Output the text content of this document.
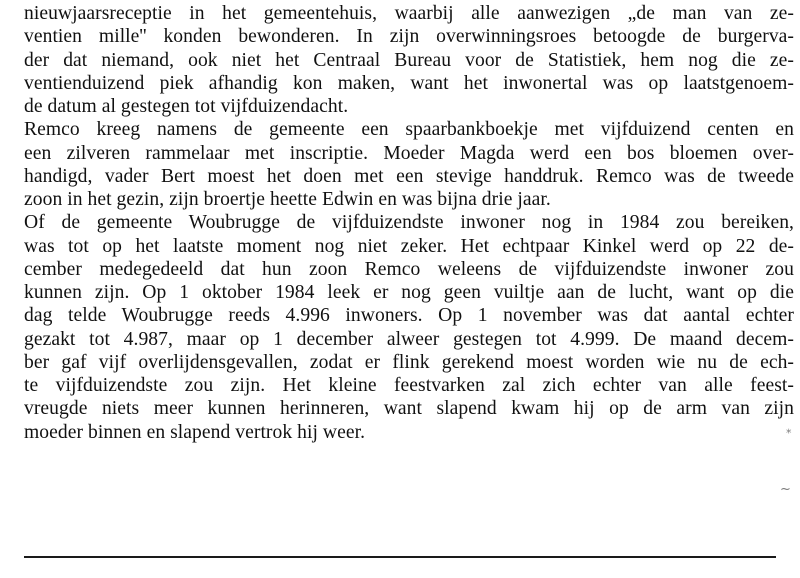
nieuwjaarsreceptie in het gemeentehuis, waarbij alle aanwezigen „de man van ze-
ventien mille'' konden bewonderen. In zijn overwinningsroes betoogde de burgerva-
der dat niemand, ook niet het Centraal Bureau voor de Statistiek, hem nog die ze-
ventienduizend piek afhandig kon maken, want het inwonertal was op laatstgenoem-
de datum al gestegen tot vijfduizendacht.
Remco kreeg namens de gemeente een spaarbankboekje met vijfduizend centen en
een zilveren rammelaar met inscriptie. Moeder Magda werd een bos bloemen over-
handigd, vader Bert moest het doen met een stevige handdruk. Remco was de tweede
zoon in het gezin, zijn broertje heette Edwin en was bijna drie jaar.
Of de gemeente Woubrugge de vijfduizendste inwoner nog in 1984 zou bereiken,
was tot op het laatste moment nog niet zeker. Het echtpaar Kinkel werd op 22 de-
cember medegedeeld dat hun zoon Remco weleens de vijfduizendste inwoner zou
kunnen zijn. Op 1 oktober 1984 leek er nog geen vuiltje aan de lucht, want op die
dag telde Woubrugge reeds 4.996 inwoners. Op 1 november was dat aantal echter
gezakt tot 4.987, maar op 1 december alweer gestegen tot 4.999. De maand decem-
ber gaf vijf overlijdensgevallen, zodat er flink gerekend moest worden wie nu de ech-
te vijfduizendste zou zijn. Het kleine feestvarken zal zich echter van alle feest-
vreugde niets meer kunnen herinneren, want slapend kwam hij op de arm van zijn
moeder binnen en slapend vertrok hij weer.	⁎
~
